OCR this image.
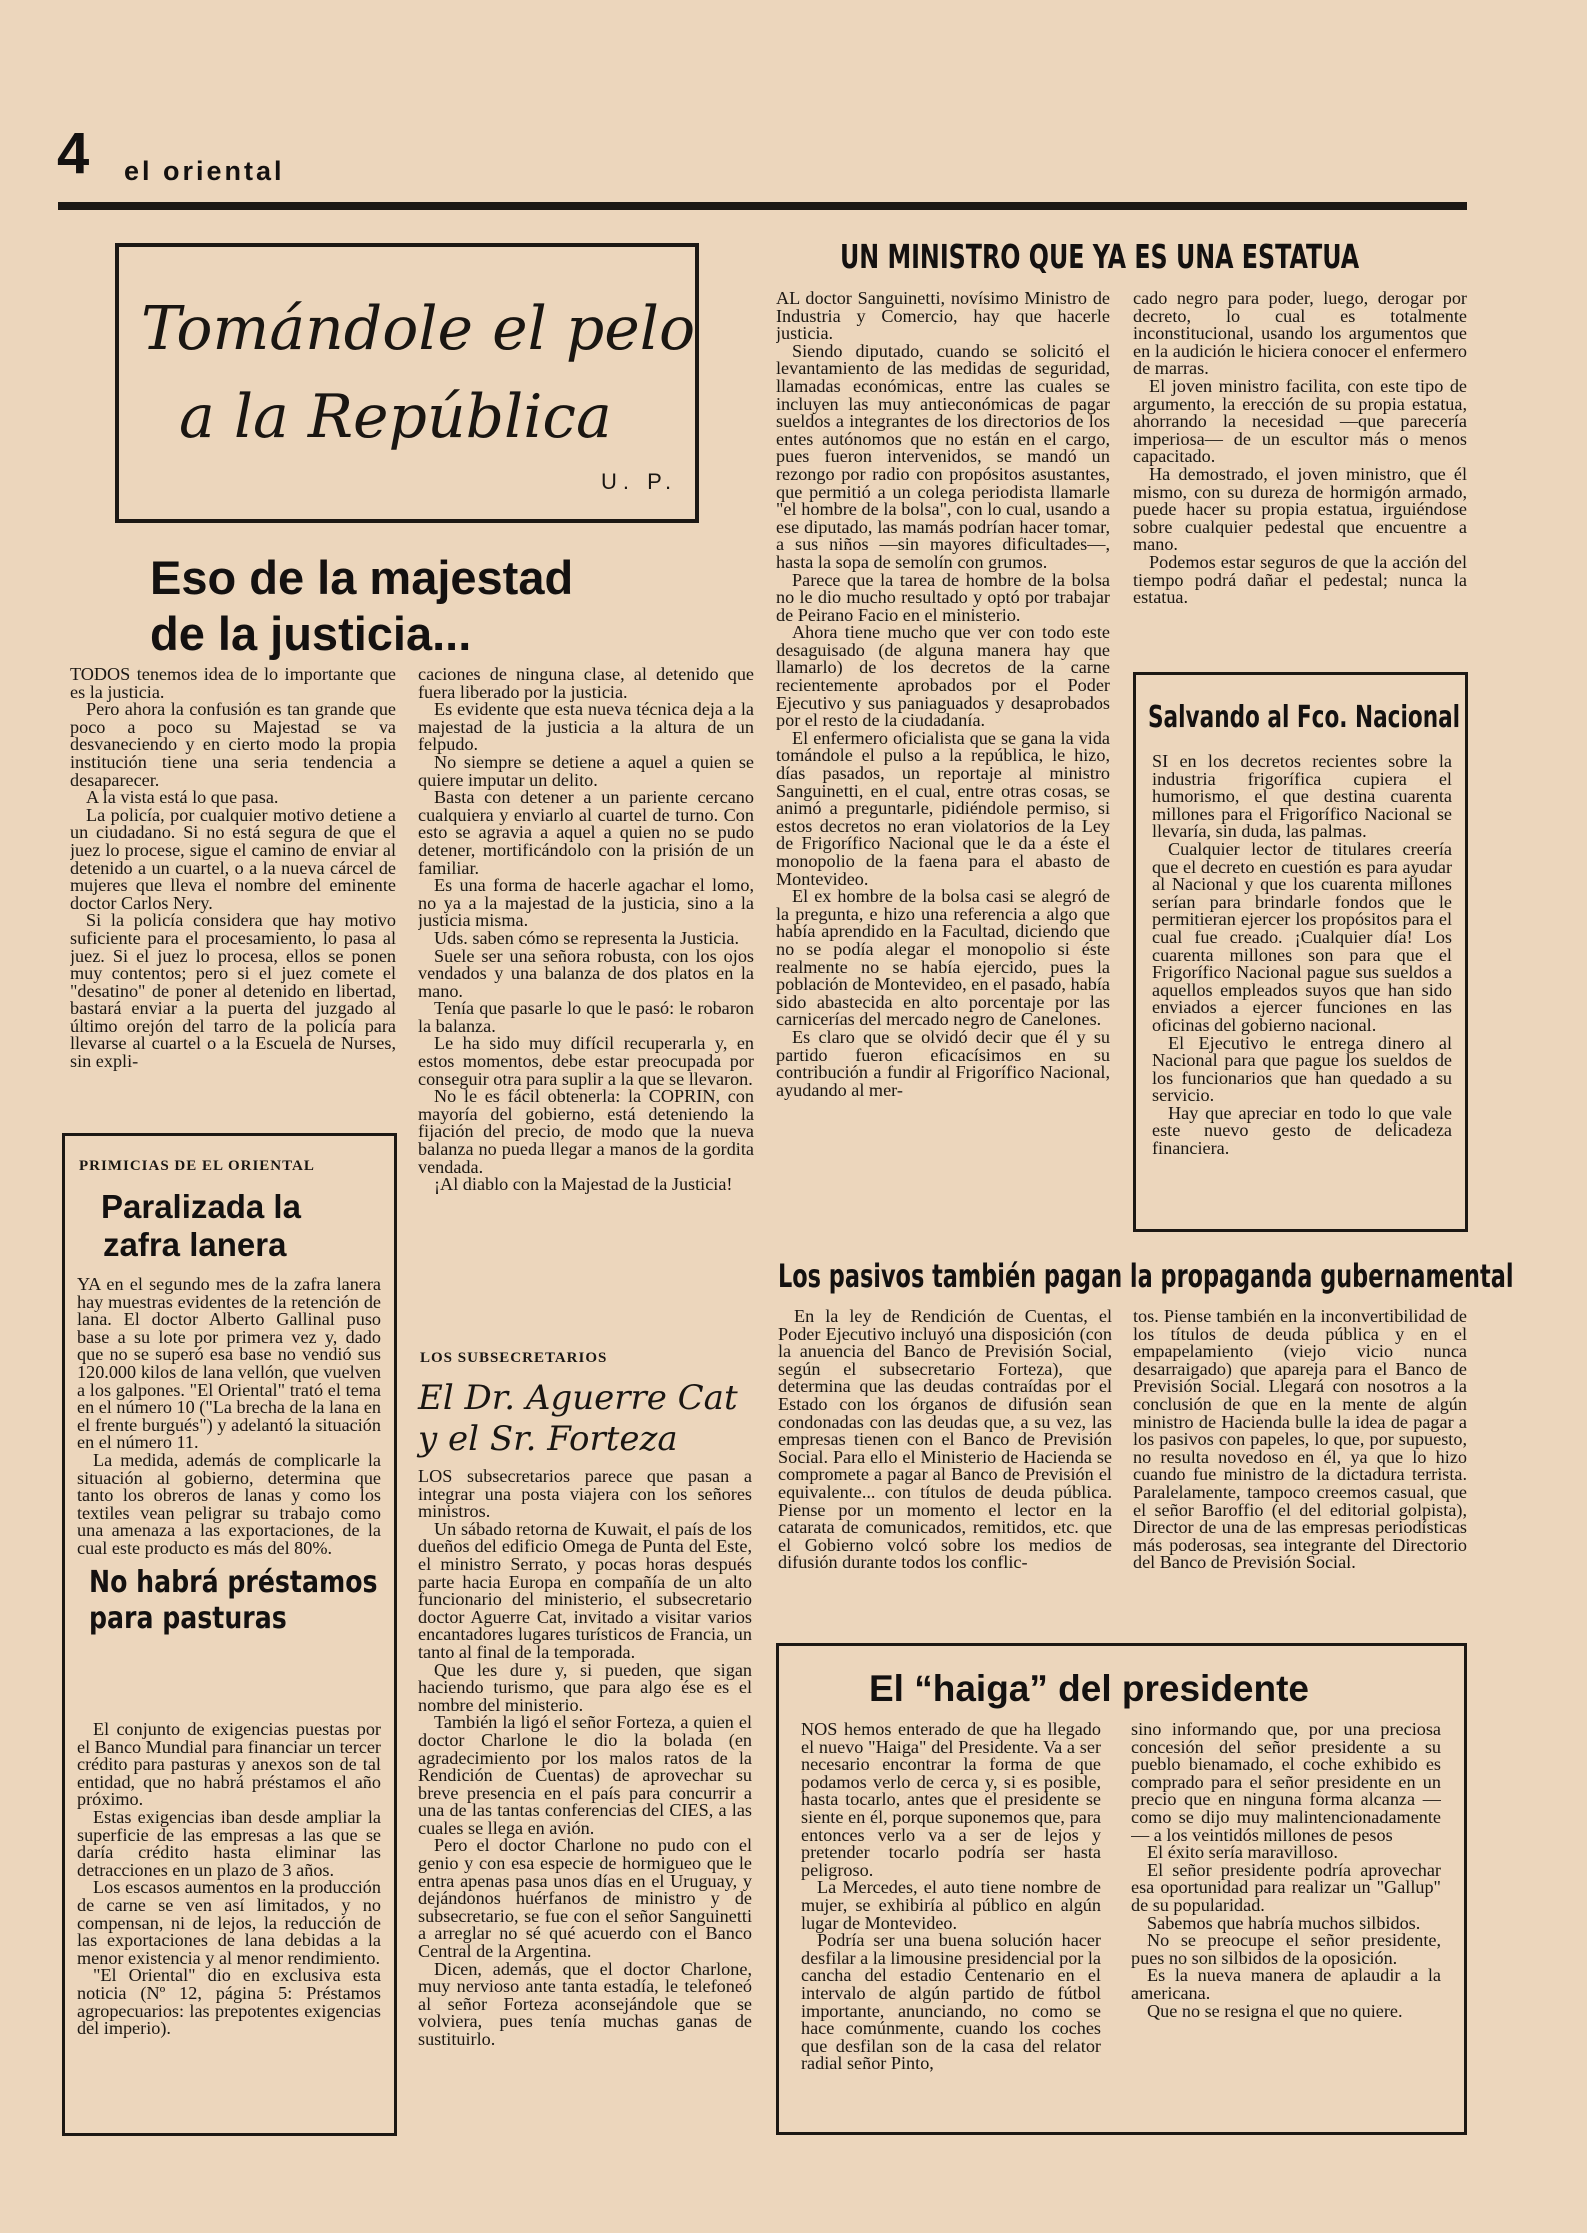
4 el oriental
Tomándole el pelo
a la República
U. P.
Eso de la majestad
de la justicia...

TODOS tenemos idea de lo importante que es la justicia.

Pero ahora la confusión es tan grande que poco a poco su Majestad se va desvaneciendo y en cierto modo la propia institución tiene una seria tendencia a desaparecer.

A la vista está lo que pasa.

La policía, por cualquier motivo detiene a un ciudadano. Si no está segura de que el juez lo procese, sigue el camino de enviar al detenido a un cuartel, o a la nueva cárcel de mujeres que lleva el nombre del eminente doctor Carlos Nery.

Si la policía considera que hay motivo suficiente para el procesamiento, lo pasa al juez. Si el juez lo procesa, ellos se ponen muy contentos; pero si el juez comete el "desatino" de poner al detenido en libertad, bastará enviar a la puerta del juzgado al último orejón del tarro de la policía para llevarse al cuartel o a la Escuela de Nurses, sin expli-

caciones de ninguna clase, al detenido que fuera liberado por la justicia.

Es evidente que esta nueva técnica deja a la majestad de la justicia a la altura de un felpudo.

No siempre se detiene a aquel a quien se quiere imputar un delito.

Basta con detener a un pariente cercano cualquiera y enviarlo al cuartel de turno. Con esto se agravia a aquel a quien no se pudo detener, mortificándolo con la prisión de un familiar.

Es una forma de hacerle agachar el lomo, no ya a la majestad de la justicia, sino a la justicia misma.

Uds. saben cómo se representa la Justicia.

Suele ser una señora robusta, con los ojos vendados y una balanza de dos platos en la mano.

Tenía que pasarle lo que le pasó: le robaron la balanza.

Le ha sido muy difícil recuperarla y, en estos momentos, debe estar preocupada por conseguir otra para suplir a la que se llevaron.

No le es fácil obtenerla: la COPRIN, con mayoría del gobierno, está deteniendo la fijación del precio, de modo que la nueva balanza no pueda llegar a manos de la gordita vendada.

¡Al diablo con la Majestad de la Justicia!

PRIMICIAS DE EL ORIENTAL
Paralizada la
zafra lanera

YA en el segundo mes de la zafra lanera hay muestras evidentes de la retención de lana. El doctor Alberto Gallinal puso base a su lote por primera vez y, dado que no se superó esa base no vendió sus 120.000 kilos de lana vellón, que vuelven a los galpones. "El Oriental" trató el tema en el número 10 ("La brecha de la lana en el frente burgués") y adelantó la situación en el número 11.

La medida, además de complicarle la situación al gobierno, determina que tanto los obreros de lanas y como los textiles vean peligrar su trabajo como una amenaza a las exportaciones, de la cual este producto es más del 80%.

No habrá préstamos
para pasturas

El conjunto de exigencias puestas por el Banco Mundial para financiar un tercer crédito para pasturas y anexos son de tal entidad, que no habrá préstamos el año próximo.

Estas exigencias iban desde ampliar la superficie de las empresas a las que se daría crédito hasta eliminar las detracciones en un plazo de 3 años.

Los escasos aumentos en la producción de carne se ven así limitados, y no compensan, ni de lejos, la reducción de las exportaciones de lana debidas a la menor existencia y al menor rendimiento.

"El Oriental" dio en exclusiva esta noticia (Nº 12, página 5: Préstamos agropecuarios: las prepotentes exigencias del imperio).

LOS SUBSECRETARIOS
El Dr. Aguerre Cat
y el Sr. Forteza

LOS subsecretarios parece que pasan a integrar una posta viajera con los señores ministros.

Un sábado retorna de Kuwait, el país de los dueños del edificio Omega de Punta del Este, el ministro Serrato, y pocas horas después parte hacia Europa en compañía de un alto funcionario del ministerio, el subsecretario doctor Aguerre Cat, invitado a visitar varios encantadores lugares turísticos de Francia, un tanto al final de la temporada.

Que les dure y, si pueden, que sigan haciendo turismo, que para algo ése es el nombre del ministerio.

También la ligó el señor Forteza, a quien el doctor Charlone le dio la bolada (en agradecimiento por los malos ratos de la Rendición de Cuentas) de aprovechar su breve presencia en el país para concurrir a una de las tantas conferencias del CIES, a las cuales se llega en avión.

Pero el doctor Charlone no pudo con el genio y con esa especie de hormigueo que le entra apenas pasa unos días en el Uruguay, y dejándonos huérfanos de ministro y de subsecretario, se fue con el señor Sanguinetti a arreglar no sé qué acuerdo con el Banco Central de la Argentina.

Dicen, además, que el doctor Charlone, muy nervioso ante tanta estadía, le telefoneó al señor Forteza aconsejándole que se volviera, pues tenía muchas ganas de sustituirlo.

UN MINISTRO QUE YA ES UNA ESTATUA

AL doctor Sanguinetti, novísimo Ministro de Industria y Comercio, hay que hacerle justicia.

Siendo diputado, cuando se solicitó el levantamiento de las medidas de seguridad, llamadas económicas, entre las cuales se incluyen las muy antieconómicas de pagar sueldos a integrantes de los directorios de los entes autónomos que no están en el cargo, pues fueron intervenidos, se mandó un rezongo por radio con propósitos asustantes, que permitió a un colega periodista llamarle "el hombre de la bolsa", con lo cual, usando a ese diputado, las mamás podrían hacer tomar, a sus niños —sin mayores dificultades—, hasta la sopa de semolín con grumos.

Parece que la tarea de hombre de la bolsa no le dio mucho resultado y optó por trabajar de Peirano Facio en el ministerio.

Ahora tiene mucho que ver con todo este desaguisado (de alguna manera hay que llamarlo) de los decretos de la carne recientemente aprobados por el Poder Ejecutivo y sus paniaguados y desaprobados por el resto de la ciudadanía.

El enfermero oficialista que se gana la vida tomándole el pulso a la república, le hizo, días pasados, un reportaje al ministro Sanguinetti, en el cual, entre otras cosas, se animó a preguntarle, pidiéndole permiso, si estos decretos no eran violatorios de la Ley de Frigorífico Nacional que le da a éste el monopolio de la faena para el abasto de Montevideo.

El ex hombre de la bolsa casi se alegró de la pregunta, e hizo una referencia a algo que había aprendido en la Facultad, diciendo que no se podía alegar el monopolio si éste realmente no se había ejercido, pues la población de Montevideo, en el pasado, había sido abastecida en alto porcentaje por las carnicerías del mercado negro de Canelones.

Es claro que se olvidó decir que él y su partido fueron eficacísimos en su contribución a fundir al Frigorífico Nacional, ayudando al mer-

cado negro para poder, luego, derogar por decreto, lo cual es totalmente inconstitucional, usando los argumentos que en la audición le hiciera conocer el enfermero de marras.

El joven ministro facilita, con este tipo de argumento, la erección de su propia estatua, ahorrando la necesidad —que parecería imperiosa— de un escultor más o menos capacitado.

Ha demostrado, el joven ministro, que él mismo, con su dureza de hormigón armado, puede hacer su propia estatua, irguiéndose sobre cualquier pedestal que encuentre a mano.

Podemos estar seguros de que la acción del tiempo podrá dañar el pedestal; nunca la estatua.

Salvando al Fco. Nacional

SI en los decretos recientes sobre la industria frigorífica cupiera el humorismo, el que destina cuarenta millones para el Frigorífico Nacional se llevaría, sin duda, las palmas.

Cualquier lector de titulares creería que el decreto en cuestión es para ayudar al Nacional y que los cuarenta millones serían para brindarle fondos que le permitieran ejercer los propósitos para el cual fue creado. ¡Cualquier día! Los cuarenta millones son para que el Frigorífico Nacional pague sus sueldos a aquellos empleados suyos que han sido enviados a ejercer funciones en las oficinas del gobierno nacional.

El Ejecutivo le entrega dinero al Nacional para que pague los sueldos de los funcionarios que han quedado a su servicio.

Hay que apreciar en todo lo que vale este nuevo gesto de delicadeza financiera.

Los pasivos también pagan la propaganda gubernamental

En la ley de Rendición de Cuentas, el Poder Ejecutivo incluyó una disposición (con la anuencia del Banco de Previsión Social, según el subsecretario Forteza), que determina que las deudas contraídas por el Estado con los órganos de difusión sean condonadas con las deudas que, a su vez, las empresas tienen con el Banco de Previsión Social. Para ello el Ministerio de Hacienda se compromete a pagar al Banco de Previsión el equivalente... con títulos de deuda pública. Piense por un momento el lector en la catarata de comunicados, remitidos, etc. que el Gobierno volcó sobre los medios de difusión durante todos los conflic-

tos. Piense también en la inconvertibilidad de los títulos de deuda pública y en el empapelamiento (viejo vicio nunca desarraigado) que apareja para el Banco de Previsión Social. Llegará con nosotros a la conclusión de que en la mente de algún ministro de Hacienda bulle la idea de pagar a los pasivos con papeles, lo que, por supuesto, no resulta novedoso en él, ya que lo hizo cuando fue ministro de la dictadura terrista. Paralelamente, tampoco creemos casual, que el señor Baroffio (el del editorial golpista), Director de una de las empresas periodísticas más poderosas, sea integrante del Directorio del Banco de Previsión Social.

El “haiga” del presidente

NOS hemos enterado de que ha llegado el nuevo "Haiga" del Presidente. Va a ser necesario encontrar la forma de que podamos verlo de cerca y, si es posible, hasta tocarlo, antes que el presidente se siente en él, porque suponemos que, para entonces verlo va a ser de lejos y pretender tocarlo podría ser hasta peligroso.

La Mercedes, el auto tiene nombre de mujer, se exhibiría al público en algún lugar de Montevideo.

Podría ser una buena solución hacer desfilar a la limousine presidencial por la cancha del estadio Centenario en el intervalo de algún partido de fútbol importante, anunciando, no como se hace comúnmente, cuando los coches que desfilan son de la casa del relator radial señor Pinto,

sino informando que, por una preciosa concesión del señor presidente a su pueblo bienamado, el coche exhibido es comprado para el señor presidente en un precio que en ninguna forma alcanza —como se dijo muy malintencionadamente— a los veintidós millones de pesos

El éxito sería maravilloso.

El señor presidente podría aprovechar esa oportunidad para realizar un "Gallup" de su popularidad.

Sabemos que habría muchos silbidos.

No se preocupe el señor presidente, pues no son silbidos de la oposición.

Es la nueva manera de aplaudir a la americana.

Que no se resigna el que no quiere.
